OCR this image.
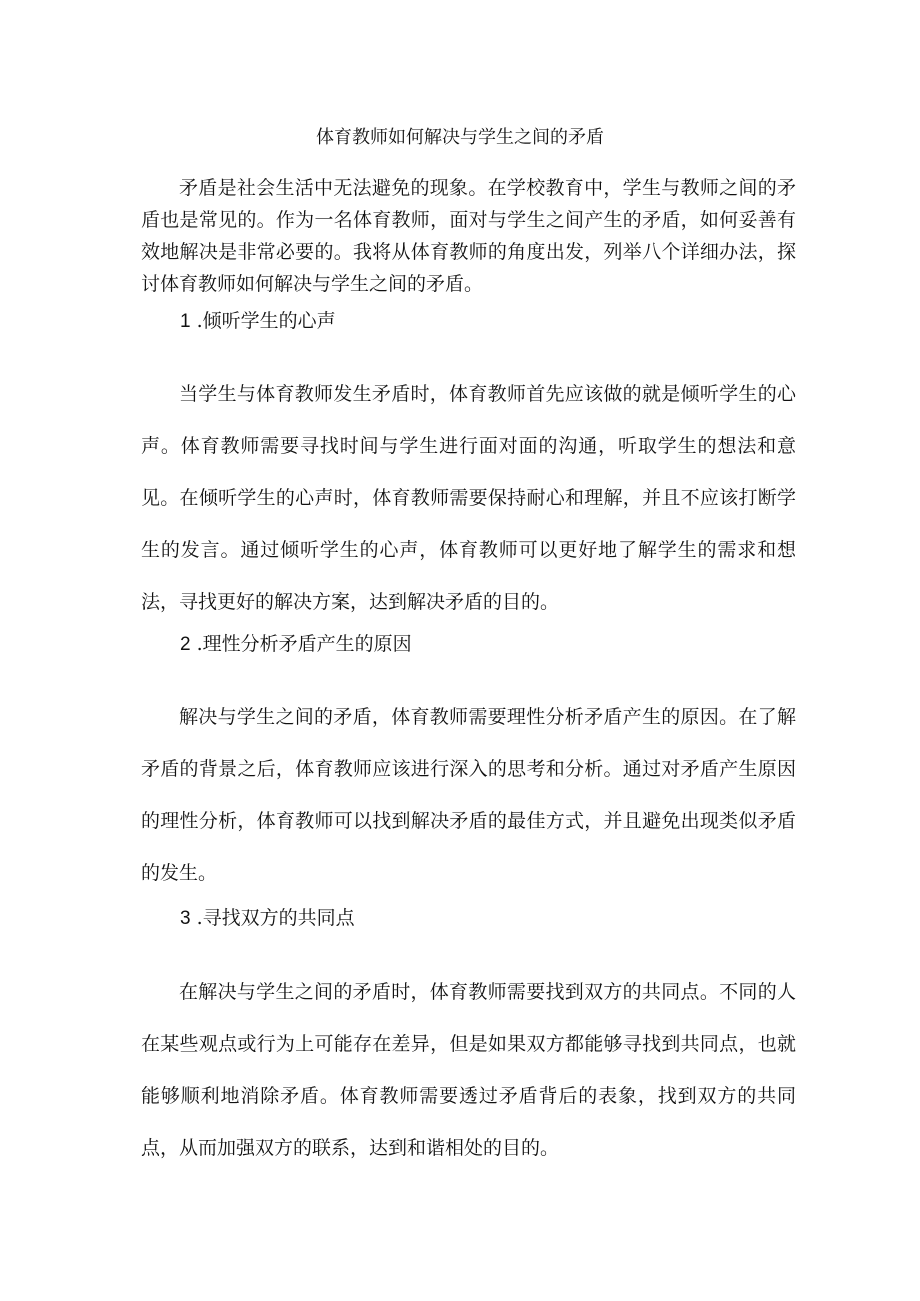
体育教师如何解决与学生之间的矛盾

矛盾是社会生活中无法避免的现象。在学校教育中，学生与教师之间的矛盾也是常见的。作为一名体育教师，面对与学生之间产生的矛盾，如何妥善有效地解决是非常必要的。我将从体育教师的角度出发，列举八个详细办法，探讨体育教师如何解决与学生之间的矛盾。

1 .倾听学生的心声

当学生与体育教师发生矛盾时，体育教师首先应该做的就是倾听学生的心声。体育教师需要寻找时间与学生进行面对面的沟通，听取学生的想法和意见。在倾听学生的心声时，体育教师需要保持耐心和理解，并且不应该打断学生的发言。通过倾听学生的心声，体育教师可以更好地了解学生的需求和想法，寻找更好的解决方案，达到解决矛盾的目的。

2 .理性分析矛盾产生的原因

解决与学生之间的矛盾，体育教师需要理性分析矛盾产生的原因。在了解矛盾的背景之后，体育教师应该进行深入的思考和分析。通过对矛盾产生原因的理性分析，体育教师可以找到解决矛盾的最佳方式，并且避免出现类似矛盾的发生。

3 .寻找双方的共同点

在解决与学生之间的矛盾时，体育教师需要找到双方的共同点。不同的人在某些观点或行为上可能存在差异，但是如果双方都能够寻找到共同点，也就能够顺利地消除矛盾。体育教师需要透过矛盾背后的表象，找到双方的共同点，从而加强双方的联系，达到和谐相处的目的。
